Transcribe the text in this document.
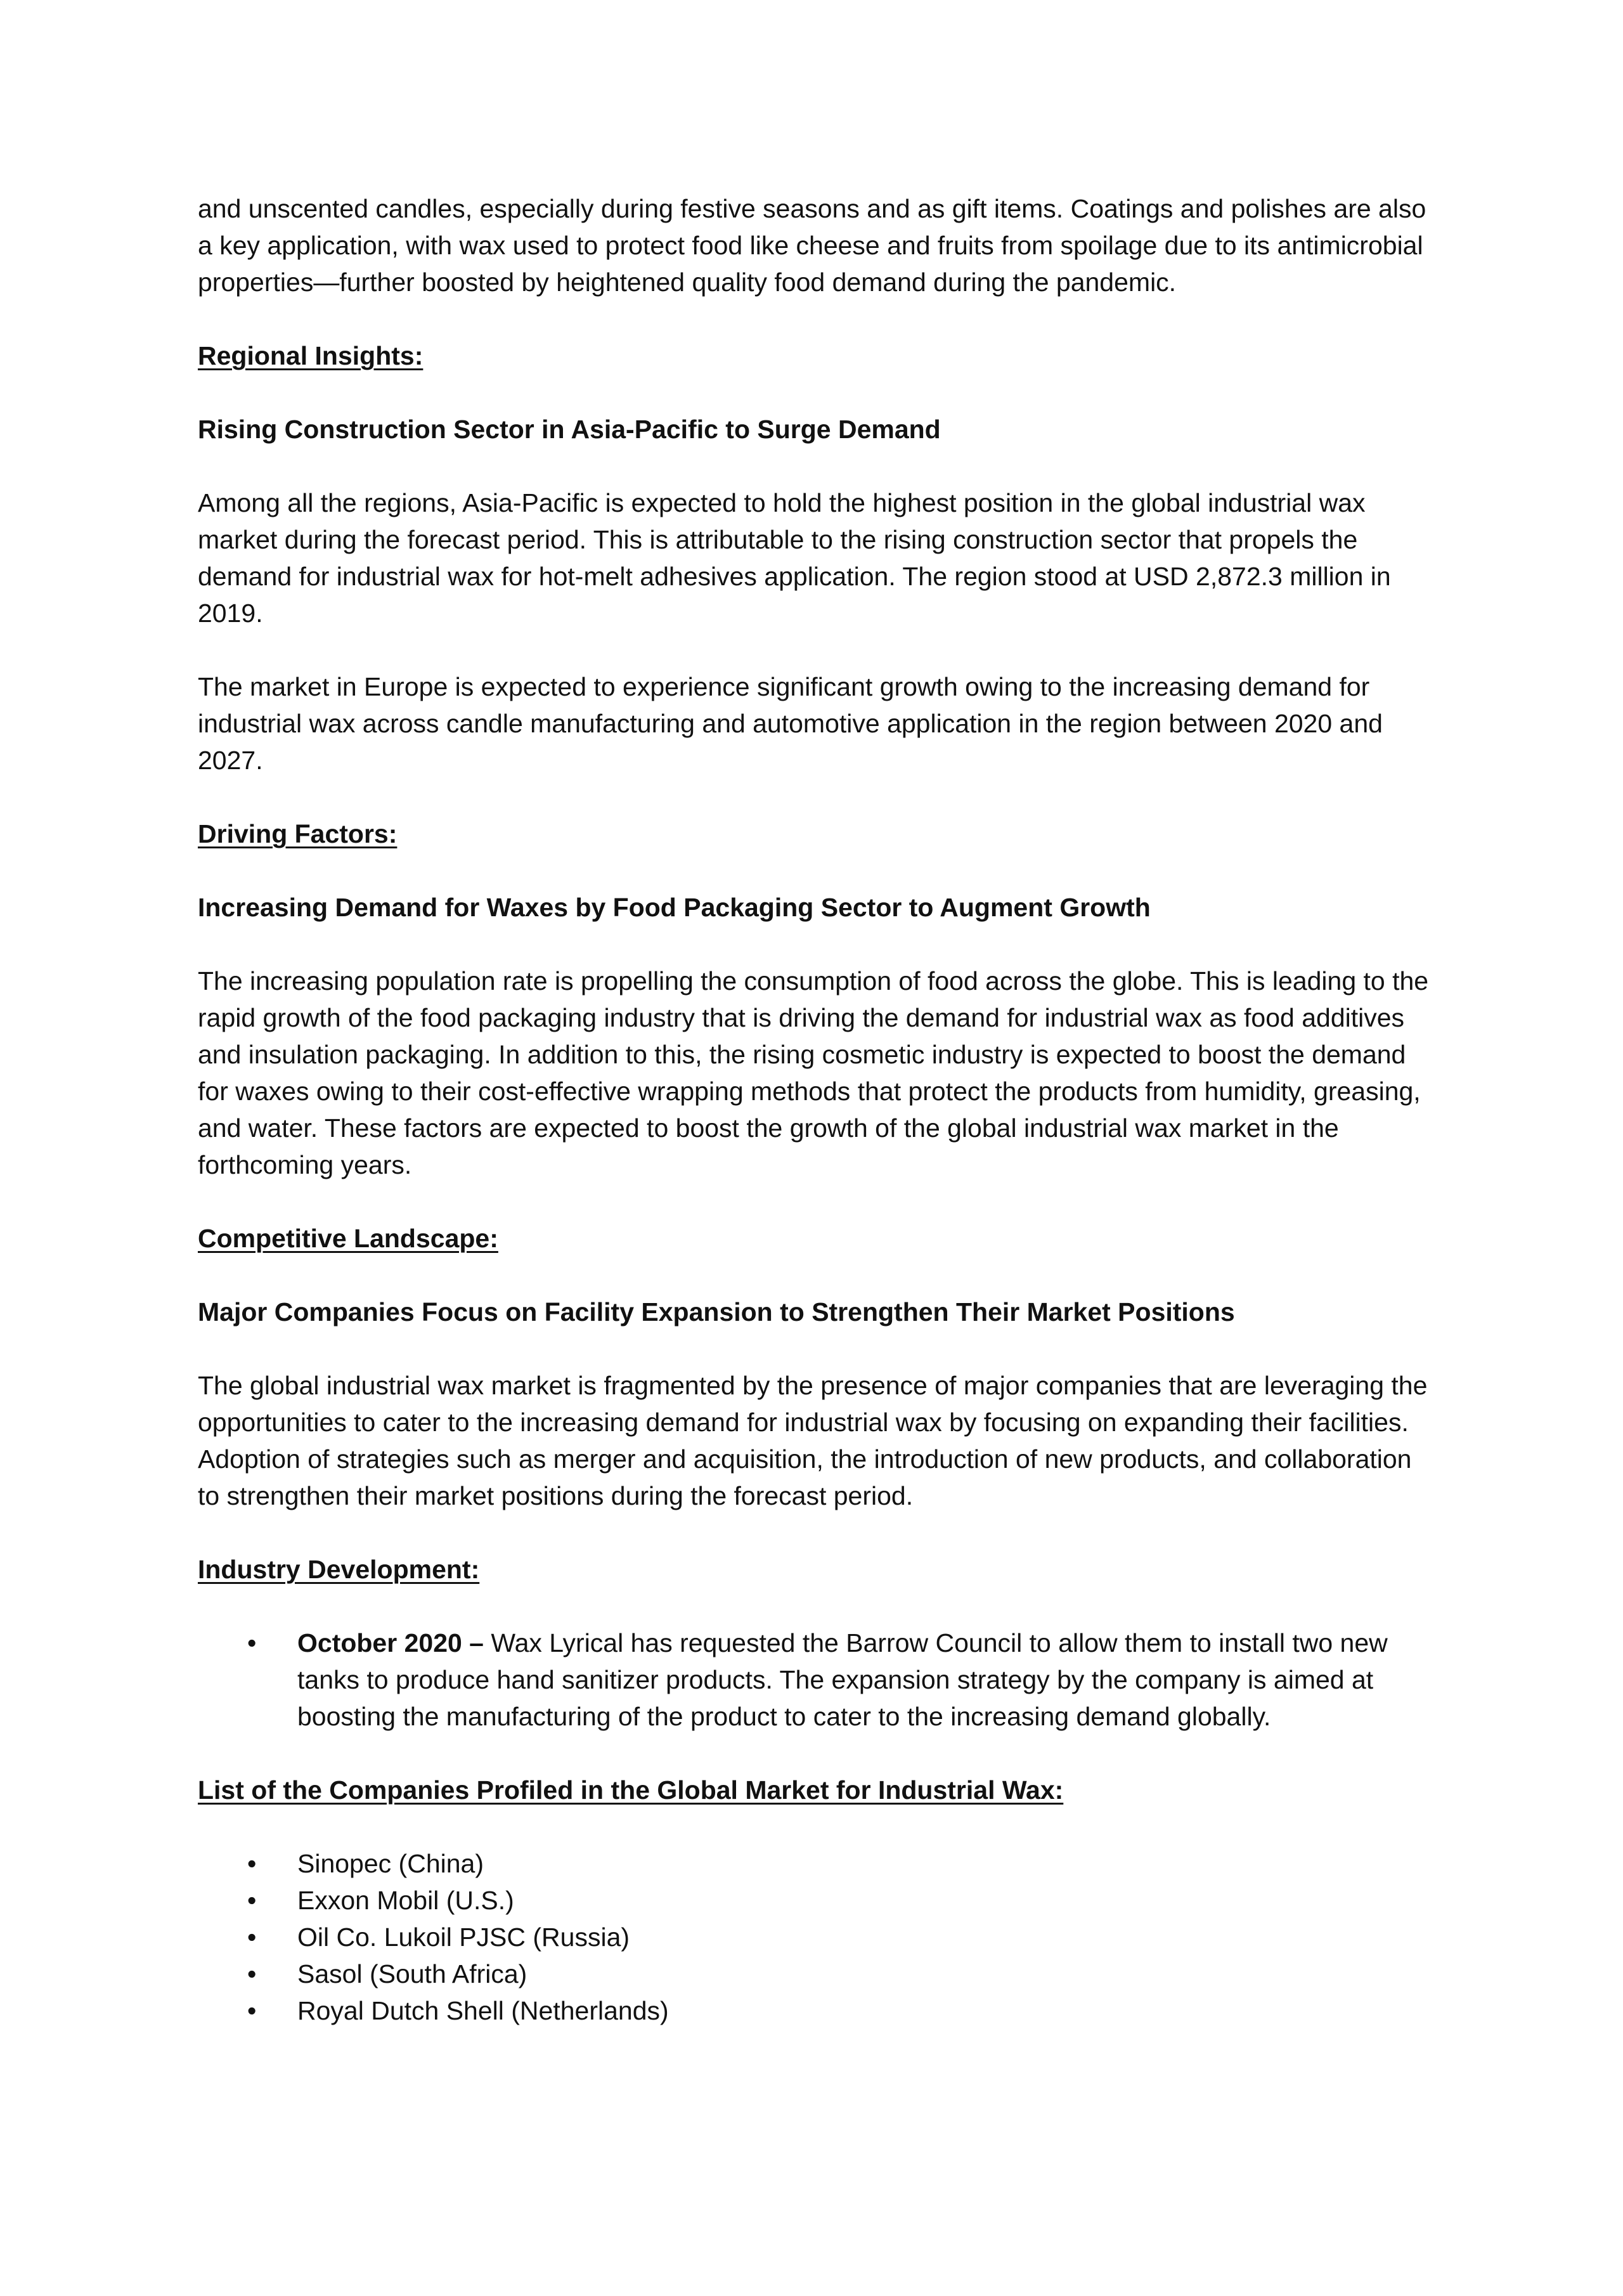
and unscented candles, especially during festive seasons and as gift items. Coatings and polishes are also a key application, with wax used to protect food like cheese and fruits from spoilage due to its antimicrobial properties—further boosted by heightened quality food demand during the pandemic.

Regional Insights:
Rising Construction Sector in Asia-Pacific to Surge Demand

Among all the regions, Asia-Pacific is expected to hold the highest position in the global industrial wax market during the forecast period. This is attributable to the rising construction sector that propels the demand for industrial wax for hot-melt adhesives application. The region stood at USD 2,872.3 million in 2019.

The market in Europe is expected to experience significant growth owing to the increasing demand for industrial wax across candle manufacturing and automotive application in the region between 2020 and 2027.

Driving Factors:
Increasing Demand for Waxes by Food Packaging Sector to Augment Growth

The increasing population rate is propelling the consumption of food across the globe. This is leading to the rapid growth of the food packaging industry that is driving the demand for industrial wax as food additives and insulation packaging. In addition to this, the rising cosmetic industry is expected to boost the demand for waxes owing to their cost-effective wrapping methods that protect the products from humidity, greasing, and water. These factors are expected to boost the growth of the global industrial wax market in the forthcoming years.

Competitive Landscape:
Major Companies Focus on Facility Expansion to Strengthen Their Market Positions

The global industrial wax market is fragmented by the presence of major companies that are leveraging the opportunities to cater to the increasing demand for industrial wax by focusing on expanding their facilities. Adoption of strategies such as merger and acquisition, the introduction of new products, and collaboration to strengthen their market positions during the forecast period.

Industry Development:
• October 2020 – Wax Lyrical has requested the Barrow Council to allow them to install two new tanks to produce hand sanitizer products. The expansion strategy by the company is aimed at boosting the manufacturing of the product to cater to the increasing demand globally.
List of the Companies Profiled in the Global Market for Industrial Wax:
• Sinopec (China)
• Exxon Mobil (U.S.)
• Oil Co. Lukoil PJSC (Russia)
• Sasol (South Africa)
• Royal Dutch Shell (Netherlands)
